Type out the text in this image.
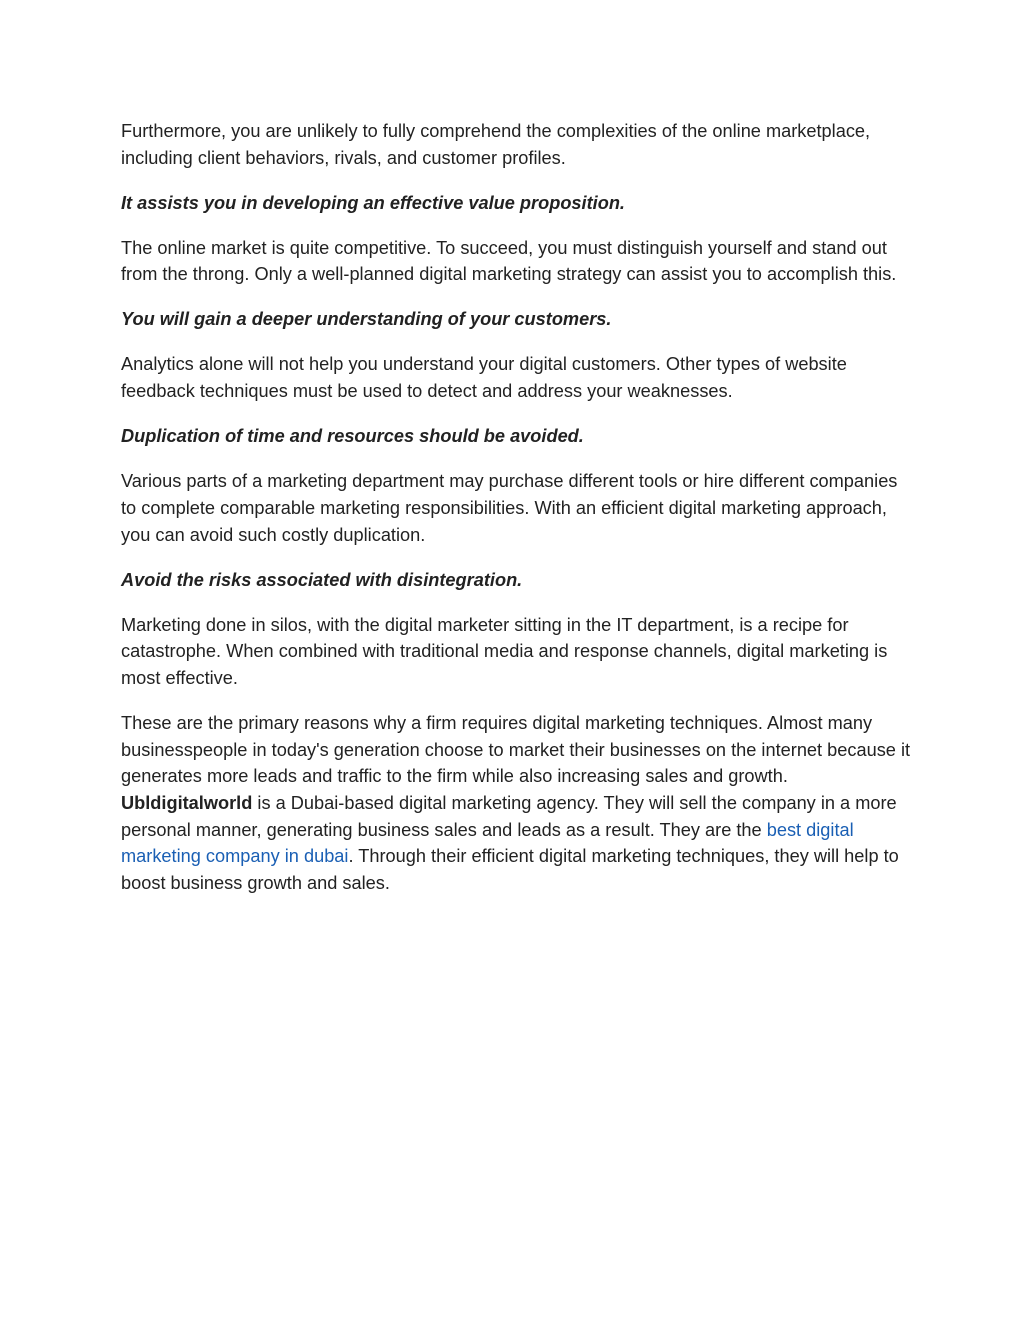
Furthermore, you are unlikely to fully comprehend the complexities of the online marketplace, including client behaviors, rivals, and customer profiles.

It assists you in developing an effective value proposition.

The online market is quite competitive. To succeed, you must distinguish yourself and stand out from the throng. Only a well-planned digital marketing strategy can assist you to accomplish this.

You will gain a deeper understanding of your customers.

Analytics alone will not help you understand your digital customers. Other types of website feedback techniques must be used to detect and address your weaknesses.

Duplication of time and resources should be avoided.

Various parts of a marketing department may purchase different tools or hire different companies to complete comparable marketing responsibilities. With an efficient digital marketing approach, you can avoid such costly duplication.

Avoid the risks associated with disintegration.

Marketing done in silos, with the digital marketer sitting in the IT department, is a recipe for catastrophe. When combined with traditional media and response channels, digital marketing is most effective.

These are the primary reasons why a firm requires digital marketing techniques. Almost many businesspeople in today's generation choose to market their businesses on the internet because it generates more leads and traffic to the firm while also increasing sales and growth. Ubldigitalworld is a Dubai-based digital marketing agency. They will sell the company in a more personal manner, generating business sales and leads as a result. They are the best digital marketing company in dubai. Through their efficient digital marketing techniques, they will help to boost business growth and sales.
